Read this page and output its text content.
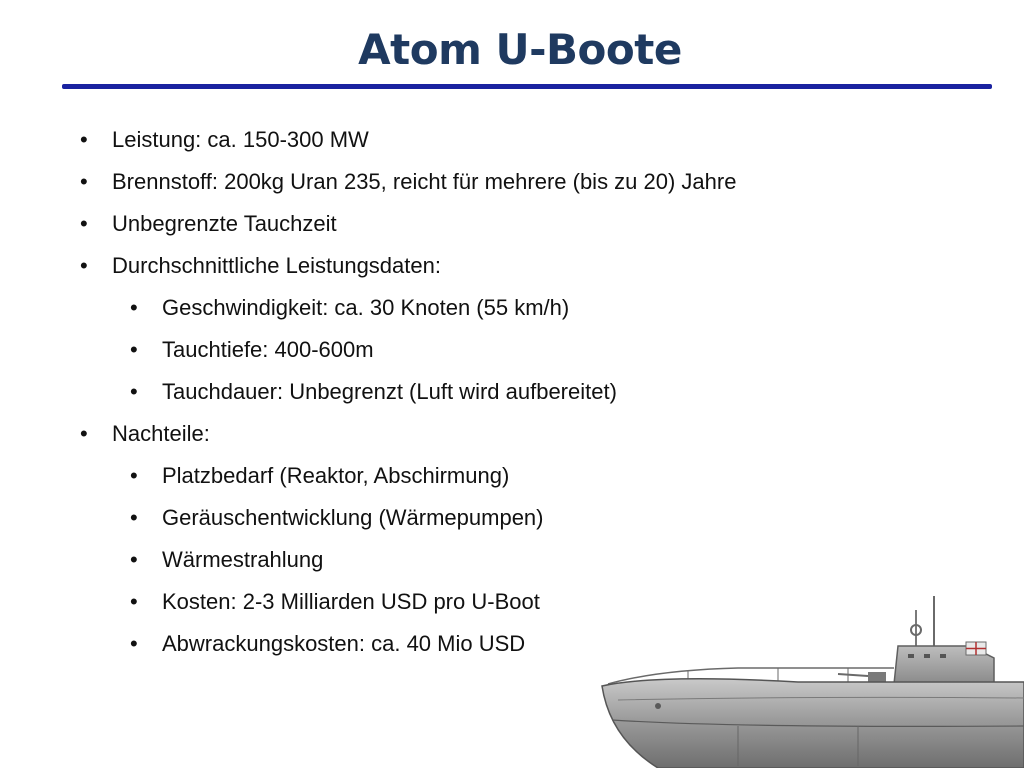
Atom U-Boote
• Leistung: ca. 150-300 MW
• Brennstoff: 200kg Uran 235, reicht für mehrere (bis zu 20) Jahre
• Unbegrenzte Tauchzeit
• Durchschnittliche Leistungsdaten:
• Geschwindigkeit: ca. 30 Knoten (55 km/h)
• Tauchtiefe: 400-600m
• Tauchdauer: Unbegrenzt (Luft wird aufbereitet)
• Nachteile:
• Platzbedarf (Reaktor, Abschirmung)
• Geräuschentwicklung (Wärmepumpen)
• Wärmestrahlung
• Kosten: 2-3 Milliarden USD pro U-Boot
• Abwrackungskosten: ca. 40 Mio USD
